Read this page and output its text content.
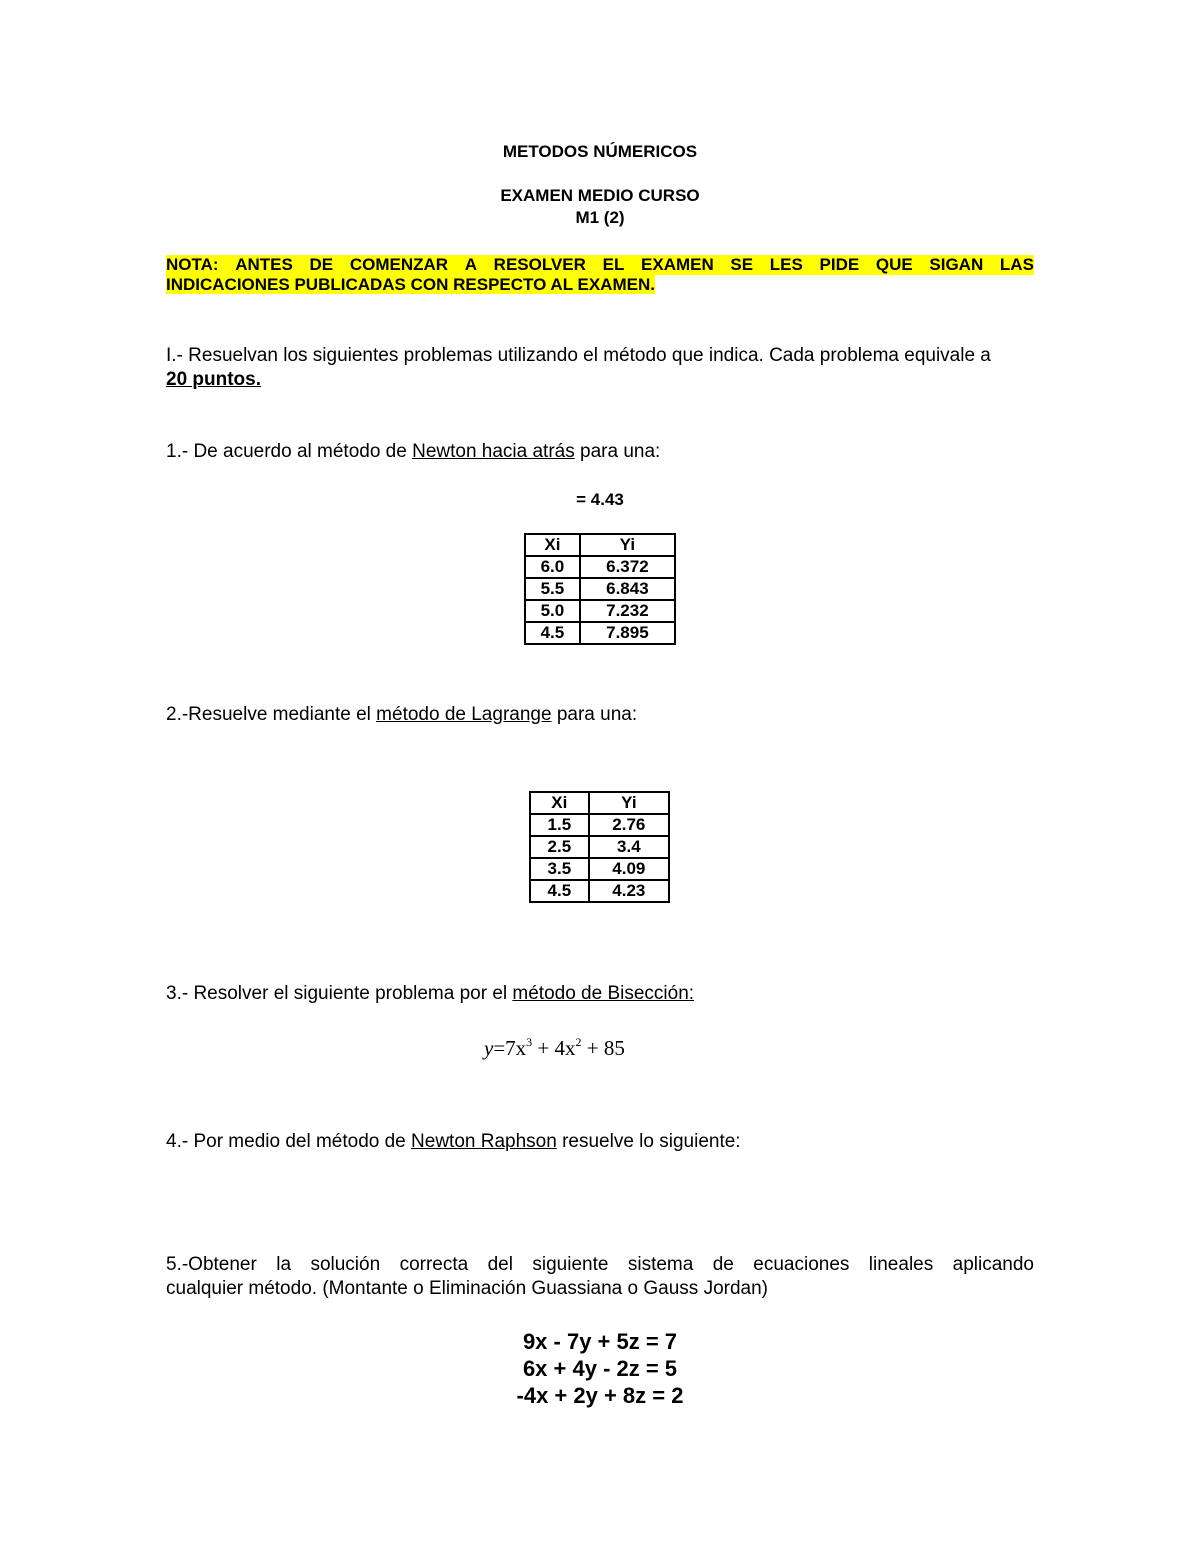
METODOS NÚMERICOS
EXAMEN MEDIO CURSO
M1 (2)
NOTA: ANTES DE COMENZAR A RESOLVER EL EXAMEN SE LES PIDE QUE SIGAN LAS
INDICACIONES PUBLICADAS CON RESPECTO AL EXAMEN.
I.- Resuelvan los siguientes problemas utilizando el método que indica. Cada problema equivale a
20 puntos.
1.- De acuerdo al método de Newton hacia atrás para una:
= 4.43
Xi	Yi
6.0	6.372
5.5	6.843
5.0	7.232
4.5	7.895
2.-Resuelve mediante el método de Lagrange para una:
Xi	Yi
1.5	2.76
2.5	3.4
3.5	4.09
4.5	4.23
3.- Resolver el siguiente problema por el método de Bisección:
$y=7x^3 + 4x^2 + 85$
4.- Por medio del método de Newton Raphson resuelve lo siguiente:
5.-Obtener la solución correcta del siguiente sistema de ecuaciones lineales aplicando
cualquier método. (Montante o Eliminación Guassiana o Gauss Jordan)
9x - 7y + 5z = 7
6x + 4y - 2z = 5
-4x + 2y + 8z = 2
